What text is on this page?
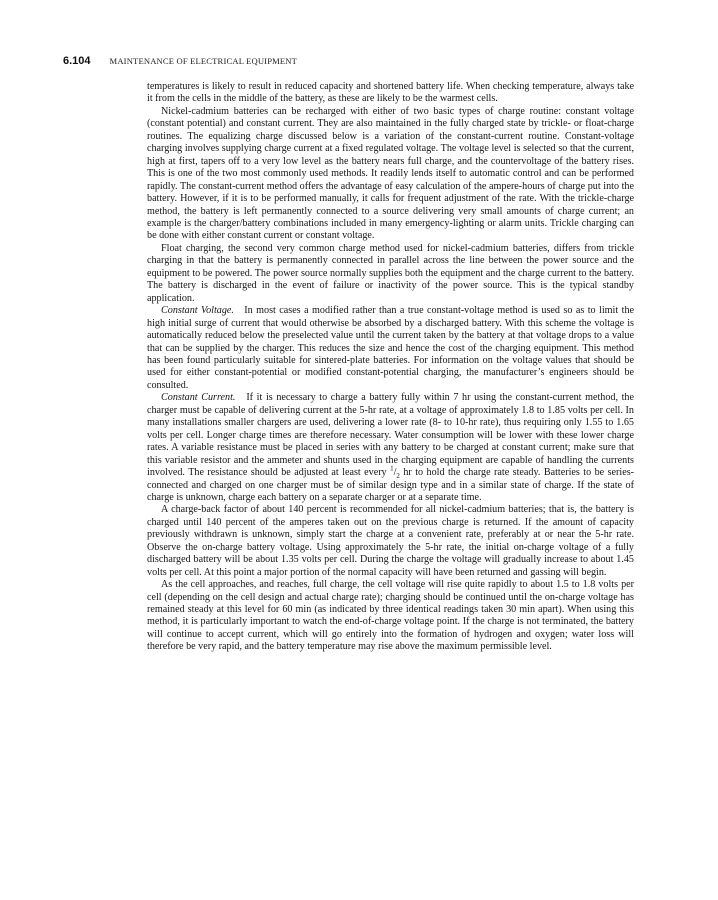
6.104 MAINTENANCE OF ELECTRICAL EQUIPMENT

temperatures is likely to result in reduced capacity and shortened battery life. When checking temperature, always take it from the cells in the middle of the battery, as these are likely to be the warmest cells.

Nickel-cadmium batteries can be recharged with either of two basic types of charge routine: constant voltage (constant potential) and constant current. They are also maintained in the fully charged state by trickle- or float-charge routines. The equalizing charge discussed below is a variation of the constant-current routine. Constant-voltage charging involves supplying charge current at a fixed regulated voltage. The voltage level is selected so that the current, high at first, tapers off to a very low level as the battery nears full charge, and the countervoltage of the battery rises. This is one of the two most commonly used methods. It readily lends itself to automatic control and can be performed rapidly. The constant-current method offers the advantage of easy calculation of the ampere-hours of charge put into the battery. However, if it is to be performed manually, it calls for frequent adjustment of the rate. With the trickle-charge method, the battery is left permanently connected to a source delivering very small amounts of charge current; an example is the charger/battery combinations included in many emergency-lighting or alarm units. Trickle charging can be done with either constant current or constant voltage.

Float charging, the second very common charge method used for nickel-cadmium batteries, differs from trickle charging in that the battery is permanently connected in parallel across the line between the power source and the equipment to be powered. The power source normally supplies both the equipment and the charge current to the battery. The battery is discharged in the event of failure or inactivity of the power source. This is the typical standby application.

Constant Voltage. In most cases a modified rather than a true constant-voltage method is used so as to limit the high initial surge of current that would otherwise be absorbed by a discharged battery. With this scheme the voltage is automatically reduced below the preselected value until the current taken by the battery at that voltage drops to a value that can be supplied by the charger. This reduces the size and hence the cost of the charging equipment. This method has been found particularly suitable for sintered-plate batteries. For information on the voltage values that should be used for either constant-potential or modified constant-potential charging, the manufacturer’s engineers should be consulted.

Constant Current. If it is necessary to charge a battery fully within 7 hr using the constant-current method, the charger must be capable of delivering current at the 5-hr rate, at a voltage of approximately 1.8 to 1.85 volts per cell. In many installations smaller chargers are used, delivering a lower rate (8- to 10-hr rate), thus requiring only 1.55 to 1.65 volts per cell. Longer charge times are therefore necessary. Water consumption will be lower with these lower charge rates. A variable resistance must be placed in series with any battery to be charged at constant current; make sure that this variable resistor and the ammeter and shunts used in the charging equipment are capable of handling the currents involved. The resistance should be adjusted at least every $^1/_2$ hr to hold the charge rate steady. Batteries to be series-connected and charged on one charger must be of similar design type and in a similar state of charge. If the state of charge is unknown, charge each battery on a separate charger or at a separate time.

A charge-back factor of about 140 percent is recommended for all nickel-cadmium batteries; that is, the battery is charged until 140 percent of the amperes taken out on the previous charge is returned. If the amount of capacity previously withdrawn is unknown, simply start the charge at a convenient rate, preferably at or near the 5-hr rate. Observe the on-charge battery voltage. Using approximately the 5-hr rate, the initial on-charge voltage of a fully discharged battery will be about 1.35 volts per cell. During the charge the voltage will gradually increase to about 1.45 volts per cell. At this point a major portion of the normal capacity will have been returned and gassing will begin.

As the cell approaches, and reaches, full charge, the cell voltage will rise quite rapidly to about 1.5 to 1.8 volts per cell (depending on the cell design and actual charge rate); charging should be continued until the on-charge voltage has remained steady at this level for 60 min (as indicated by three identical readings taken 30 min apart). When using this method, it is particularly important to watch the end-of-charge voltage point. If the charge is not terminated, the battery will continue to accept current, which will go entirely into the formation of hydrogen and oxygen; water loss will therefore be very rapid, and the battery temperature may rise above the maximum permissible level.
